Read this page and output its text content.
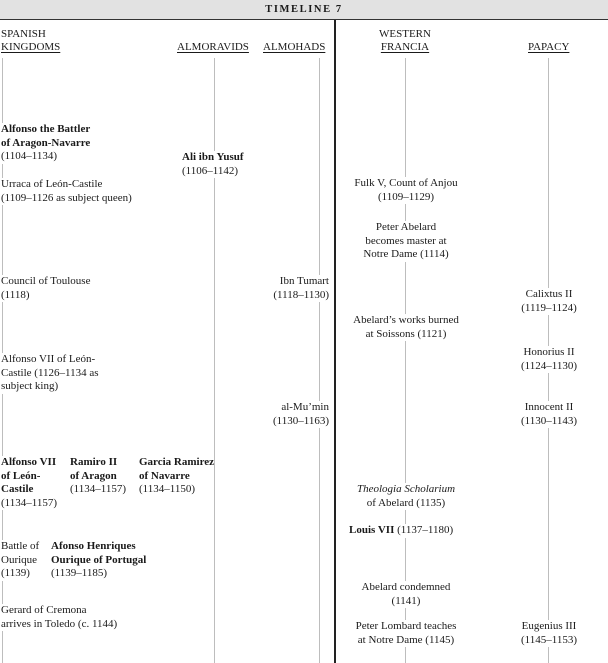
TIMELINE 7
SPANISH
KINGDOMS	ALMORAVIDS ALMOHADS
WESTERN
FRANCIA	PAPACY
Alfonso the Battler
of Aragon-Navarre
(1104–1134)
Urraca of León-Castile
(1109–1126 as subject queen)
Council of Toulouse
(1118)
Alfonso VII of León-
Castile (1126–1134 as
subject king)
Alfonso VII
of León-
Castile
(1134–1157)
Ramiro II
of Aragon
(1134–1157)
Garcia Ramirez
of Navarre
(1134–1150)
Battle of
Ourique
(1139)
Afonso Henriques
Ourique of Portugal
(1139–1185)
Gerard of Cremona
arrives in Toledo (c. 1144)
Ali ibn Yusuf
(1106–1142)
Ibn Tumart
(1118–1130)
al-Mu’min
(1130–1163)
Fulk V, Count of Anjou
(1109–1129)
Peter Abelard
becomes master at
Notre Dame (1114)
Abelard’s works burned
at Soissons (1121)
Theologia Scholarium
of Abelard (1135)
Louis VII (1137–1180)
Abelard condemned
(1141)
Peter Lombard teaches
at Notre Dame (1145)
Calixtus II
(1119–1124)
Honorius II
(1124–1130)
Innocent II
(1130–1143)
Eugenius III
(1145–1153)
